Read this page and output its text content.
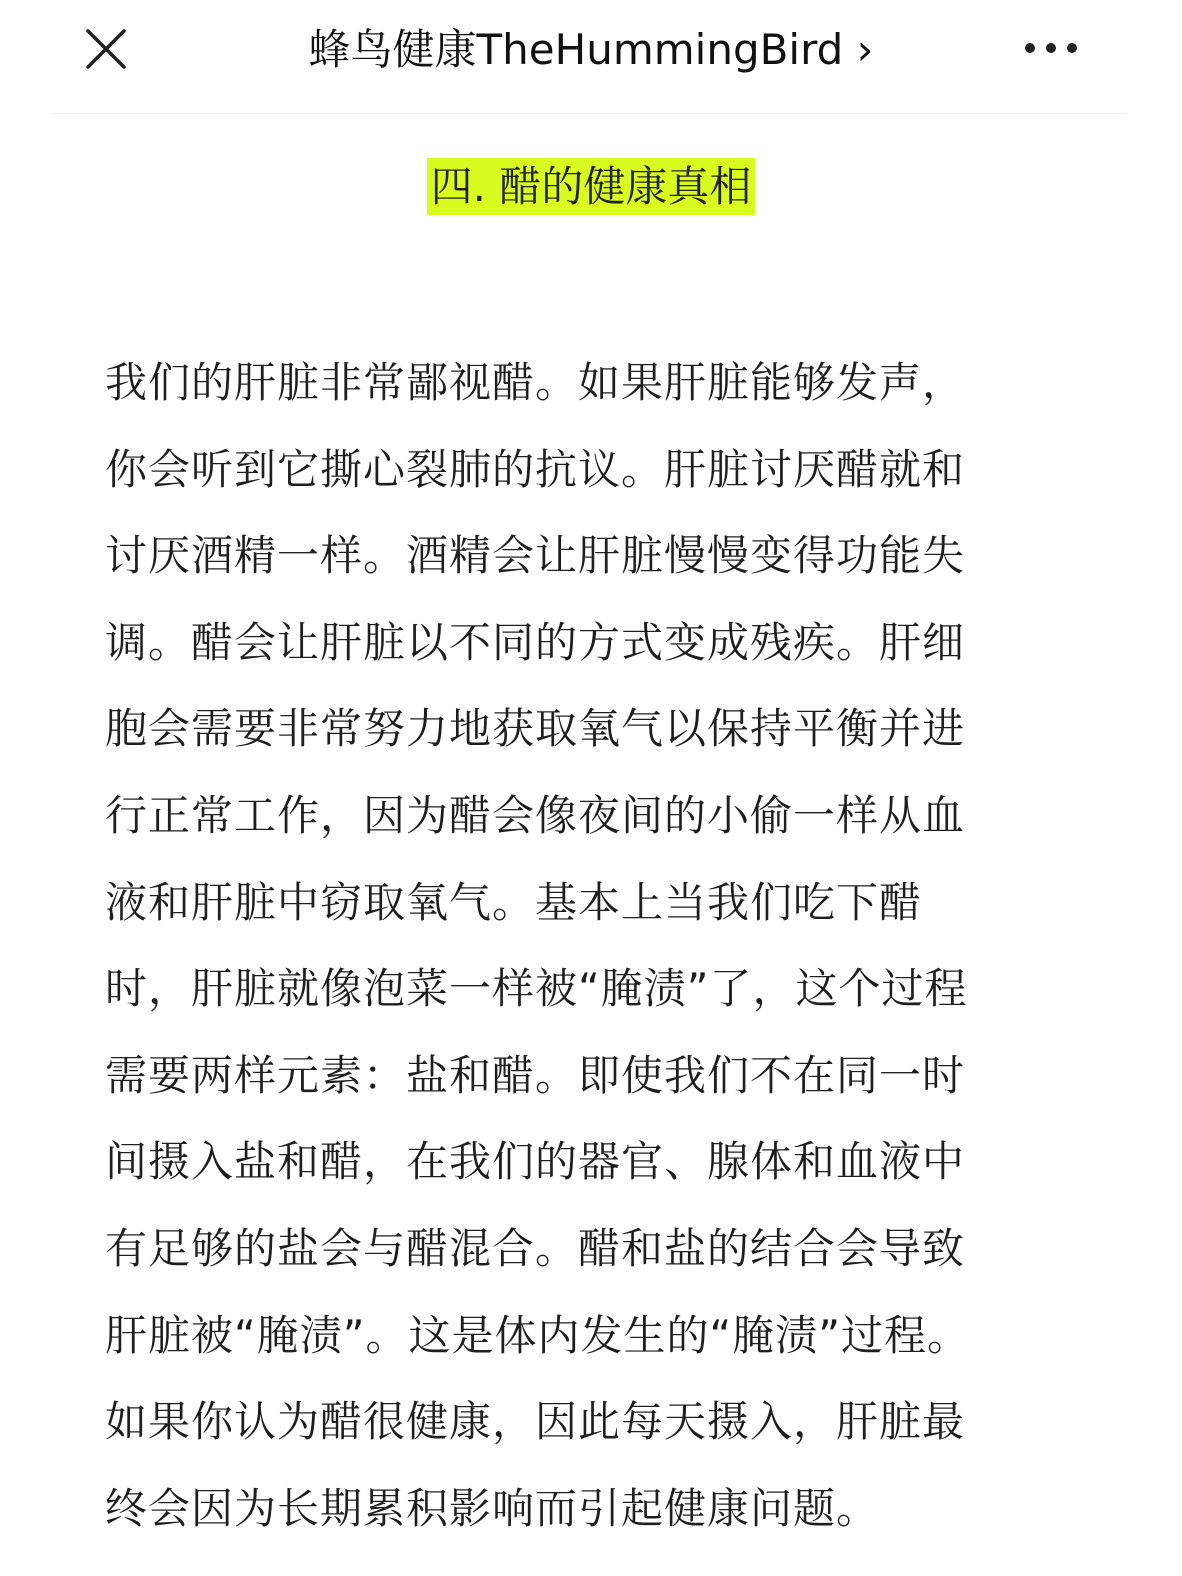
蜂鸟健康TheHummingBird ›
四. 醋的健康真相
我们的肝脏非常鄙视醋。如果肝脏能够发声，
你会听到它撕心裂肺的抗议。肝脏讨厌醋就和
讨厌酒精一样。酒精会让肝脏慢慢变得功能失
调。醋会让肝脏以不同的方式变成残疾。肝细
胞会需要非常努力地获取氧气以保持平衡并进
行正常工作，因为醋会像夜间的小偷一样从血
液和肝脏中窃取氧气。基本上当我们吃下醋
时，肝脏就像泡菜一样被“腌渍”了，这个过程
需要两样元素：盐和醋。即使我们不在同一时
间摄入盐和醋，在我们的器官、腺体和血液中
有足够的盐会与醋混合。醋和盐的结合会导致
肝脏被“腌渍”。这是体内发生的“腌渍”过程。
如果你认为醋很健康，因此每天摄入，肝脏最
终会因为长期累积影响而引起健康问题。
